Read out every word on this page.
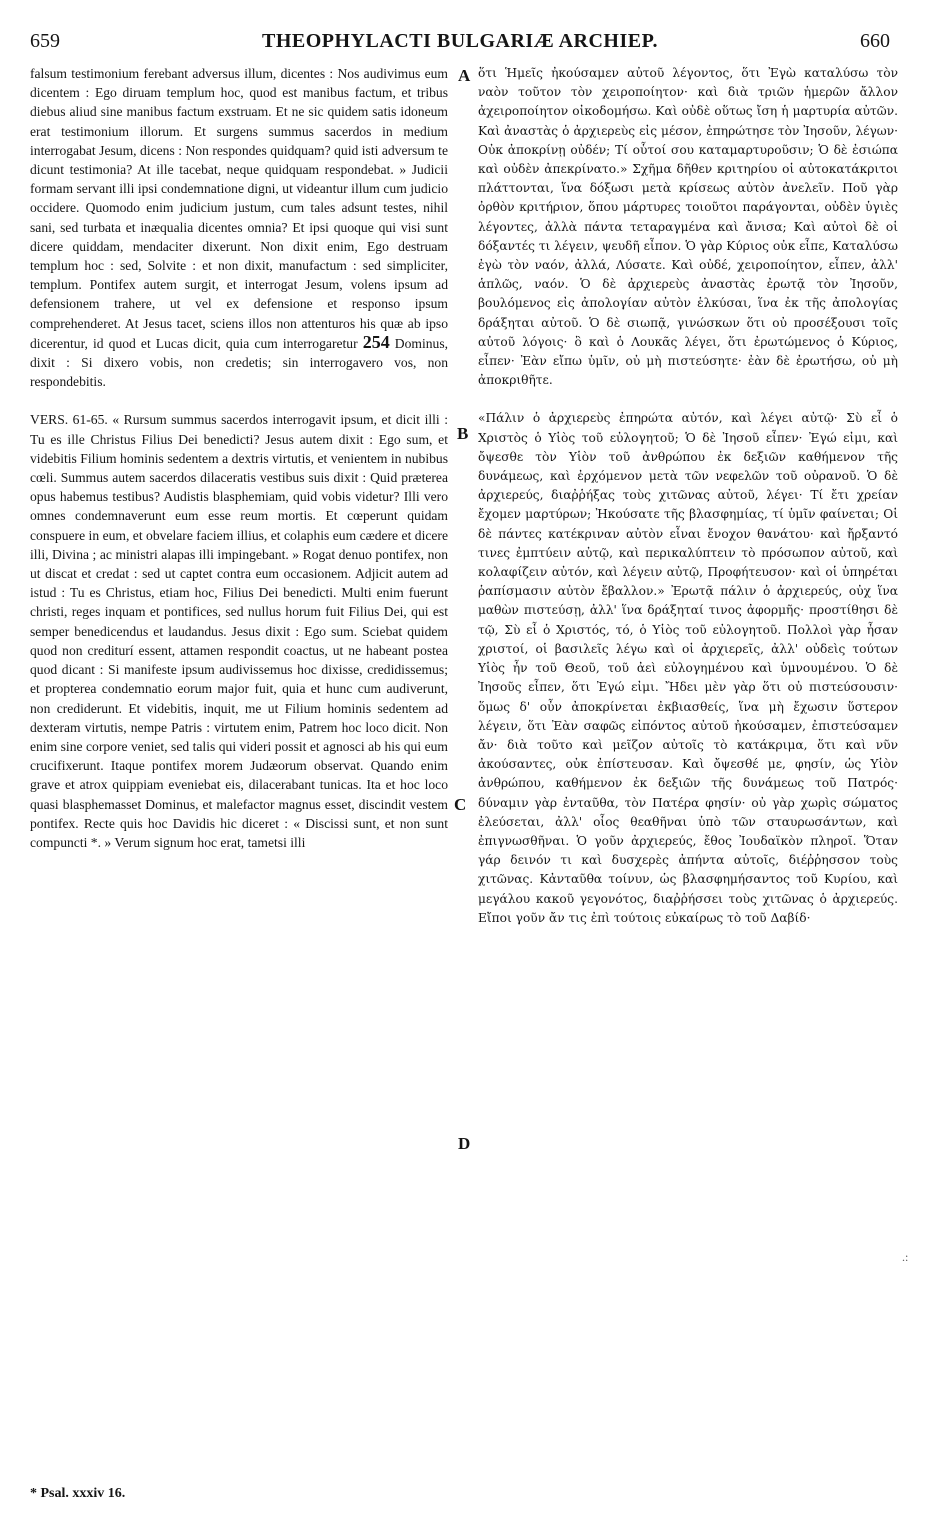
659	THEOPHYLACTI BULGARIÆ ARCHIEP.	660

falsum testimonium ferebant adversus illum, dicentes : Nos audivimus eum dicentem : Ego diruam templum hoc, quod est manibus factum, et tribus diebus aliud sine manibus factum exstruam. Et ne sic quidem satis idoneum erat testimonium illorum. Et surgens summus sacerdos in medium interrogabat Jesum, dicens : Non respondes quidquam? quid isti adversum te dicunt testimonia? At ille tacebat, neque quidquam respondebat. » Judicii formam servant illi ipsi condemnatione digni, ut videantur illum cum judicio occidere. Quomodo enim judicium justum, cum tales adsunt testes, nihil sani, sed turbata et inæqualia dicentes omnia? Et ipsi quoque qui visi sunt dicere quiddam, mendaciter dixerunt. Non dixit enim, Ego destruam templum hoc : sed, Solvite : et non dixit, manufactum : sed simpliciter, templum. Pontifex autem surgit, et interrogat Jesum, volens ipsum ad defensionem trahere, ut vel ex defensione et responso ipsum comprehenderet. At Jesus tacet, sciens illos non attenturos his quæ ab ipso dicerentur, id quod et Lucas dicit, quia cum interrogaretur 254 Dominus, dixit : Si dixero vobis, non credetis; sin interrogavero vos, non respondebitis.

VERS. 61-65. « Rursum summus sacerdos interrogavit ipsum, et dicit illi : Tu es ille Christus Filius Dei benedicti? Jesus autem dixit : Ego sum, et videbitis Filium hominis sedentem a dextris virtutis, et venientem in nubibus cœli. Summus autem sacerdos dilaceratis vestibus suis dixit : Quid præterea opus habemus testibus? Audistis blasphemiam, quid vobis videtur? Illi vero omnes condemnaverunt eum esse reum mortis. Et cœperunt quidam conspuere in eum, et obvelare faciem illius, et colaphis eum cædere et dicere illi, Divina ; ac ministri alapas illi impingebant. » Rogat denuo pontifex, non ut discat et credat : sed ut captet contra eum occasionem. Adjicit autem ad istud : Tu es Christus, etiam hoc, Filius Dei benedicti. Multi enim fuerunt christi, reges inquam et pontifices, sed nullus horum fuit Filius Dei, qui est semper benedicendus et laudandus. Jesus dixit : Ego sum. Sciebat quidem quod non crediturí essent, attamen respondit coactus, ut ne habeant postea quod dicant : Si manifeste ipsum audivissemus hoc dixisse, credidissemus; et propterea condemnatio eorum major fuit, quia et hunc cum audiverunt, non crediderunt. Et videbitis, inquit, me ut Filium hominis sedentem ad dexteram virtutis, nempe Patris : virtutem enim, Patrem hoc loco dicit. Non enim sine corpore veniet, sed talis qui videri possit et agnosci ab his qui eum crucifixerunt. Itaque pontifex morem Judæorum observat. Quando enim grave et atrox quippiam eveniebat eis, dilacerabant tunicas. Ita et hoc loco quasi blasphemasset Dominus, et malefactor magnus esset, discindit vestem pontifex. Recte quis hoc Davidis hic diceret : « Discissi sunt, et non sunt compuncti *. » Verum signum hoc erat, tametsi illi

ὅτι Ἡμεῖς ἠκούσαμεν αὐτοῦ λέγοντος, ὅτι Ἐγὼ καταλύσω τὸν ναὸν τοῦτον τὸν χειροποίητον· καὶ διὰ τριῶν ἡμερῶν ἄλλον ἀχειροποίητον οἰκοδομήσω. Καὶ οὐδὲ οὕτως ἴση ἡ μαρτυρία αὐτῶν. Καὶ ἀναστὰς ὁ ἀρχιερεὺς εἰς μέσον, ἐπηρώτησε τὸν Ἰησοῦν, λέγων· Οὐκ ἀποκρίνῃ οὐδέν; Τί οὗτοί σου καταμαρτυροῦσιν; Ὁ δὲ ἐσιώπα καὶ οὐδὲν ἀπεκρίνατο.» Σχῆμα δῆθεν κριτηρίου οἱ αὐτοκατάκριτοι πλάττονται, ἵνα δόξωσι μετὰ κρίσεως αὐτὸν ἀνελεῖν. Ποῦ γὰρ ὀρθὸν κριτήριον, ὅπου μάρτυρες τοιοῦτοι παράγονται, οὐδὲν ὑγιὲς λέγοντες, ἀλλὰ πάντα τεταραγμένα καὶ ἄνισα; Καὶ αὐτοὶ δὲ οἱ δόξαντές τι λέγειν, ψευδῆ εἶπον. Ὁ γὰρ Κύριος οὐκ εἶπε, Καταλύσω ἐγὼ τὸν ναόν, ἀλλά, Λύσατε. Καὶ οὐδέ, χειροποίητον, εἶπεν, ἀλλ' ἁπλῶς, ναόν. Ὁ δὲ ἀρχιερεὺς ἀναστὰς ἐρωτᾷ τὸν Ἰησοῦν, βουλόμενος εἰς ἀπολογίαν αὐτὸν ἑλκύσαι, ἵνα ἐκ τῆς ἀπολογίας δράξηται αὐτοῦ. Ὁ δὲ σιωπᾷ, γινώσκων ὅτι οὐ προσέξουσι τοῖς αὐτοῦ λόγοις· ὃ καὶ ὁ Λουκᾶς λέγει, ὅτι ἐρωτώμενος ὁ Κύριος, εἶπεν· Ἐὰν εἴπω ὑμῖν, οὐ μὴ πιστεύσητε· ἐὰν δὲ ἐρωτήσω, οὐ μὴ ἀποκριθῆτε.

«Πάλιν ὁ ἀρχιερεὺς ἐπηρώτα αὐτόν, καὶ λέγει αὐτῷ· Σὺ εἶ ὁ Χριστὸς ὁ Υἱὸς τοῦ εὐλογητοῦ; Ὁ δὲ Ἰησοῦ εἶπεν· Ἐγώ εἰμι, καὶ ὄψεσθε τὸν Υἱὸν τοῦ ἀνθρώπου ἐκ δεξιῶν καθήμενον τῆς δυνάμεως, καὶ ἐρχόμενον μετὰ τῶν νεφελῶν τοῦ οὐρανοῦ. Ὁ δὲ ἀρχιερεύς, διαῤῥήξας τοὺς χιτῶνας αὐτοῦ, λέγει· Τί ἔτι χρείαν ἔχομεν μαρτύρων; Ἠκούσατε τῆς βλασφημίας, τί ὑμῖν φαίνεται; Οἱ δὲ πάντες κατέκριναν αὐτὸν εἶναι ἔνοχον θανάτου· καὶ ἤρξαντό τινες ἐμπτύειν αὐτῷ, καὶ περικαλύπτειν τὸ πρόσωπον αὐτοῦ, καὶ κολαφίζειν αὐτόν, καὶ λέγειν αὐτῷ, Προφήτευσον· καὶ οἱ ὑπηρέται ῥαπίσμασιν αὐτὸν ἔβαλλον.» Ἐρωτᾷ πάλιν ὁ ἀρχιερεύς, οὐχ ἵνα μαθὼν πιστεύσῃ, ἀλλ' ἵνα δράξηταί τινος ἀφορμῆς· προστίθησι δὲ τῷ, Σὺ εἶ ὁ Χριστός, τό, ὁ Υἱὸς τοῦ εὐλογητοῦ. Πολλοὶ γὰρ ἦσαν χριστοί, οἱ βασιλεῖς λέγω καὶ οἱ ἀρχιερεῖς, ἀλλ' οὐδεὶς τούτων Υἱὸς ἦν τοῦ Θεοῦ, τοῦ ἀεὶ εὐλογημένου καὶ ὑμνουμένου. Ὁ δὲ Ἰησοῦς εἶπεν, ὅτι Ἐγώ εἰμι. Ἤδει μὲν γὰρ ὅτι οὐ πιστεύσουσιν· ὅμως δ' οὖν ἀποκρίνεται ἐκβιασθείς, ἵνα μὴ ἔχωσιν ὕστερον λέγειν, ὅτι Ἐὰν σαφῶς εἰπόντος αὐτοῦ ἠκούσαμεν, ἐπιστεύσαμεν ἄν· διὰ τοῦτο καὶ μεῖζον αὐτοῖς τὸ κατάκριμα, ὅτι καὶ νῦν ἀκούσαντες, οὐκ ἐπίστευσαν. Καὶ ὄψεσθέ με, φησίν, ὡς Υἱὸν ἀνθρώπου, καθήμενον ἐκ δεξιῶν τῆς δυνάμεως τοῦ Πατρός· δύναμιν γὰρ ἐνταῦθα, τὸν Πατέρα φησίν· οὐ γὰρ χωρὶς σώματος ἐλεύσεται, ἀλλ' οἷος θεαθῆναι ὑπὸ τῶν σταυρωσάντων, καὶ ἐπιγνωσθῆναι. Ὁ γοῦν ἀρχιερεύς, ἔθος Ἰουδαϊκὸν πληροῖ. Ὅταν γάρ δεινόν τι καὶ δυσχερὲς ἀπήντα αὐτοῖς, διέῤῥησσον τοὺς χιτῶνας. Κἀνταῦθα τοίνυν, ὡς βλασφημήσαντος τοῦ Κυρίου, καὶ μεγάλου κακοῦ γεγονότος, διαῤῥήσσει τοὺς χιτῶνας ὁ ἀρχιερεύς. Εἴποι γοῦν ἄν τις ἐπὶ τούτοις εὐκαίρως τὸ τοῦ Δαβίδ·

A
B
C
D
.:
* Psal. xxxiv 16.
